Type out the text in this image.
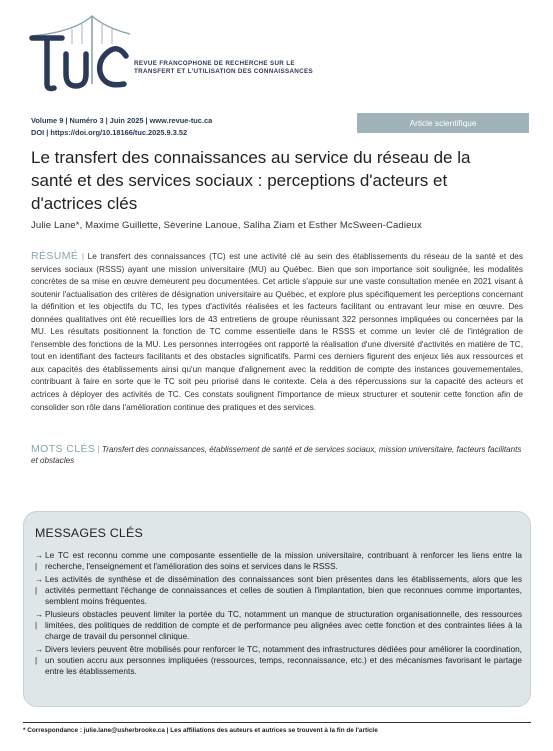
REVUE FRANCOPHONE DE RECHERCHE SUR LE
TRANSFERT ET L'UTILISATION DES CONNAISSANCES
Volume 9 | Numéro 3 | Juin 2025 | www.revue-tuc.ca
DOI | https://doi.org/10.18166/tuc.2025.9.3.52
Article scientifique
Le transfert des connaissances au service du réseau de la
santé et des services sociaux : perceptions d'acteurs et
d'actrices clés
Julie Lane*, Maxime Guillette, Sèverine Lanoue, Saliha Ziam et Esther McSween-Cadieux
RÉSUMÉ | Le transfert des connaissances (TC) est une activité clé au sein des établissements du réseau de la santé et des services sociaux (RSSS) ayant une mission universitaire (MU) au Québec. Bien que son importance soit soulignée, les modalités concrètes de sa mise en œuvre demeurent peu documentées. Cet article s'appuie sur une vaste consultation menée en 2021 visant à soutenir l'actualisation des critères de désignation universitaire au Québec, et explore plus spécifiquement les perceptions concernant la définition et les objectifs du TC, les types d'activités réalisées et les facteurs facilitant ou entravant leur mise en œuvre. Des données qualitatives ont été recueillies lors de 43 entretiens de groupe réunissant 322 personnes impliquées ou concernées par la MU. Les résultats positionnent la fonction de TC comme essentielle dans le RSSS et comme un levier clé de l'intégration de l'ensemble des fonctions de la MU. Les personnes interrogées ont rapporté la réalisation d'une diversité d'activités en matière de TC, tout en identifiant des facteurs facilitants et des obstacles significatifs. Parmi ces derniers figurent des enjeux liés aux ressources et aux capacités des établissements ainsi qu'un manque d'alignement avec la reddition de compte des instances gouvernementales, contribuant à faire en sorte que le TC soit peu priorisé dans le contexte. Cela a des répercussions sur la capacité des acteurs et actrices à déployer des activités de TC. Ces constats soulignent l'importance de mieux structurer et soutenir cette fonction afin de consolider son rôle dans l'amélioration continue des pratiques et des services.
MOTS CLÉS | Transfert des connaissances, établissement de santé et de services sociaux, mission universitaire, facteurs facilitants et obstacles
MESSAGES CLÉS
→ |
Le TC est reconnu comme une composante essentielle de la mission universitaire, contribuant à renforcer les liens entre la recherche, l'enseignement et l'amélioration des soins et services dans le RSSS.
→ |
Les activités de synthèse et de dissémination des connaissances sont bien présentes dans les établissements, alors que les activités permettant l'échange de connaissances et celles de soutien à l'implantation, bien que reconnues comme importantes, semblent moins fréquentes.
→ |
Plusieurs obstacles peuvent limiter la portée du TC, notamment un manque de structuration organisationnelle, des ressources limitées, des politiques de reddition de compte et de performance peu alignées avec cette fonction et des contraintes liées à la charge de travail du personnel clinique.
→ |
Divers leviers peuvent être mobilisés pour renforcer le TC, notamment des infrastructures dédiées pour améliorer la coordination, un soutien accru aux personnes impliquées (ressources, temps, reconnaissance, etc.) et des mécanismes favorisant le partage entre les établissements.
* Correspondance : julie.lane@usherbrooke.ca | Les affiliations des auteurs et autrices se trouvent à la fin de l'article
